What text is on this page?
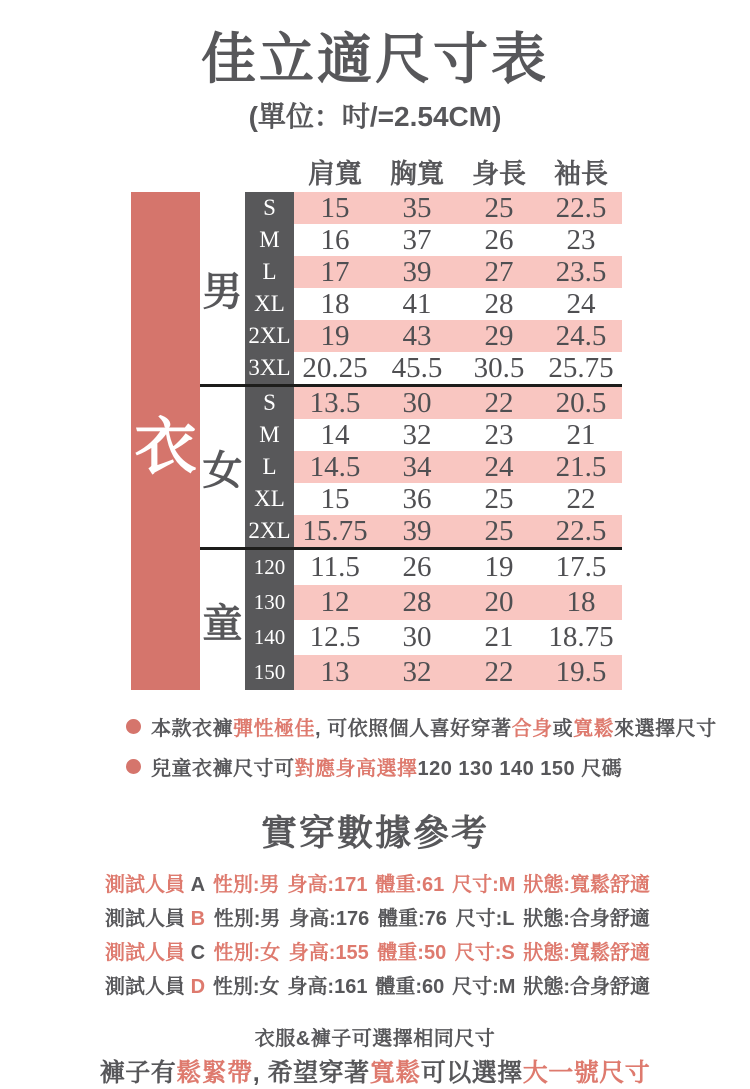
佳立適尺寸表
(單位：吋/=2.54CM)
肩寬	胸寬	身長	袖長
衣
男
S	15	35	25	22.5
M	16	37	26	23
L	17	39	27	23.5
XL	18	41	28	24
2XL	19	43	29	24.5
3XL 20.25 45.5	30.5 25.75
女
S	13.5	30	22	20.5
M	14	32	23	21
L	14.5	34	24	21.5
XL	15	36	25	22
2XL 15.75	39	25	22.5
童
120 11.5	26	19	17.5
130	12	28	20	18
140 12.5	30	21	18.75
150	13	32	22	19.5
本款衣褲彈性極佳, 可依照個人喜好穿著合身或寬鬆來選擇尺寸
兒童衣褲尺寸可對應身高選擇120 130 140 150 尺碼
實穿數據參考
測試人員 A 性別:男 身高:171 體重:61 尺寸:M 狀態:寬鬆舒適
測試人員 B 性別:男 身高:176 體重:76 尺寸:L 狀態:合身舒適
測試人員 C 性別:女 身高:155 體重:50 尺寸:S 狀態:寬鬆舒適
測試人員 D 性別:女 身高:161 體重:60 尺寸:M 狀態:合身舒適
衣服&褲子可選擇相同尺寸
褲子有鬆緊帶, 希望穿著寬鬆可以選擇大一號尺寸
